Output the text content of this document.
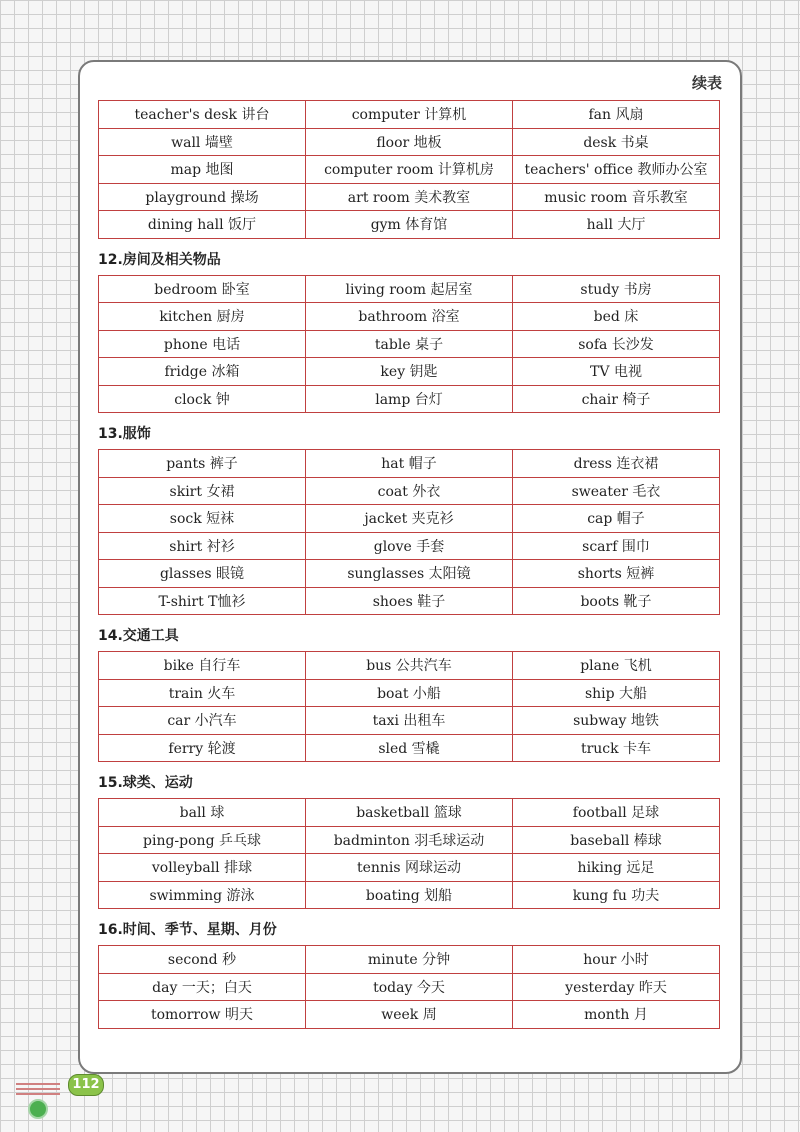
续表
teacher's desk 讲台	computer 计算机	fan 风扇
wall 墙壁	floor 地板	desk 书桌
map 地图	computer room 计算机房	teachers' office 教师办公室
playground 操场	art room 美术教室	music room 音乐教室
dining hall 饭厅	gym 体育馆	hall 大厅
12.房间及相关物品
bedroom 卧室	living room 起居室	study 书房
kitchen 厨房	bathroom 浴室	bed 床
phone 电话	table 桌子	sofa 长沙发
fridge 冰箱	key 钥匙	TV 电视
clock 钟	lamp 台灯	chair 椅子
13.服饰
pants 裤子	hat 帽子	dress 连衣裙
skirt 女裙	coat 外衣	sweater 毛衣
sock 短袜	jacket 夹克衫	cap 帽子
shirt 衬衫	glove 手套	scarf 围巾
glasses 眼镜	sunglasses 太阳镜	shorts 短裤
T-shirt T恤衫	shoes 鞋子	boots 靴子
14.交通工具
bike 自行车	bus 公共汽车	plane 飞机
train 火车	boat 小船	ship 大船
car 小汽车	taxi 出租车	subway 地铁
ferry 轮渡	sled 雪橇	truck 卡车
15.球类、运动
ball 球	basketball 篮球	football 足球
ping-pong 乒乓球	badminton 羽毛球运动	baseball 棒球
volleyball 排球	tennis 网球运动	hiking 远足
swimming 游泳	boating 划船	kung fu 功夫
16.时间、季节、星期、月份
second 秒	minute 分钟	hour 小时
day 一天；白天	today 今天	yesterday 昨天
tomorrow 明天	week 周	month 月
112
